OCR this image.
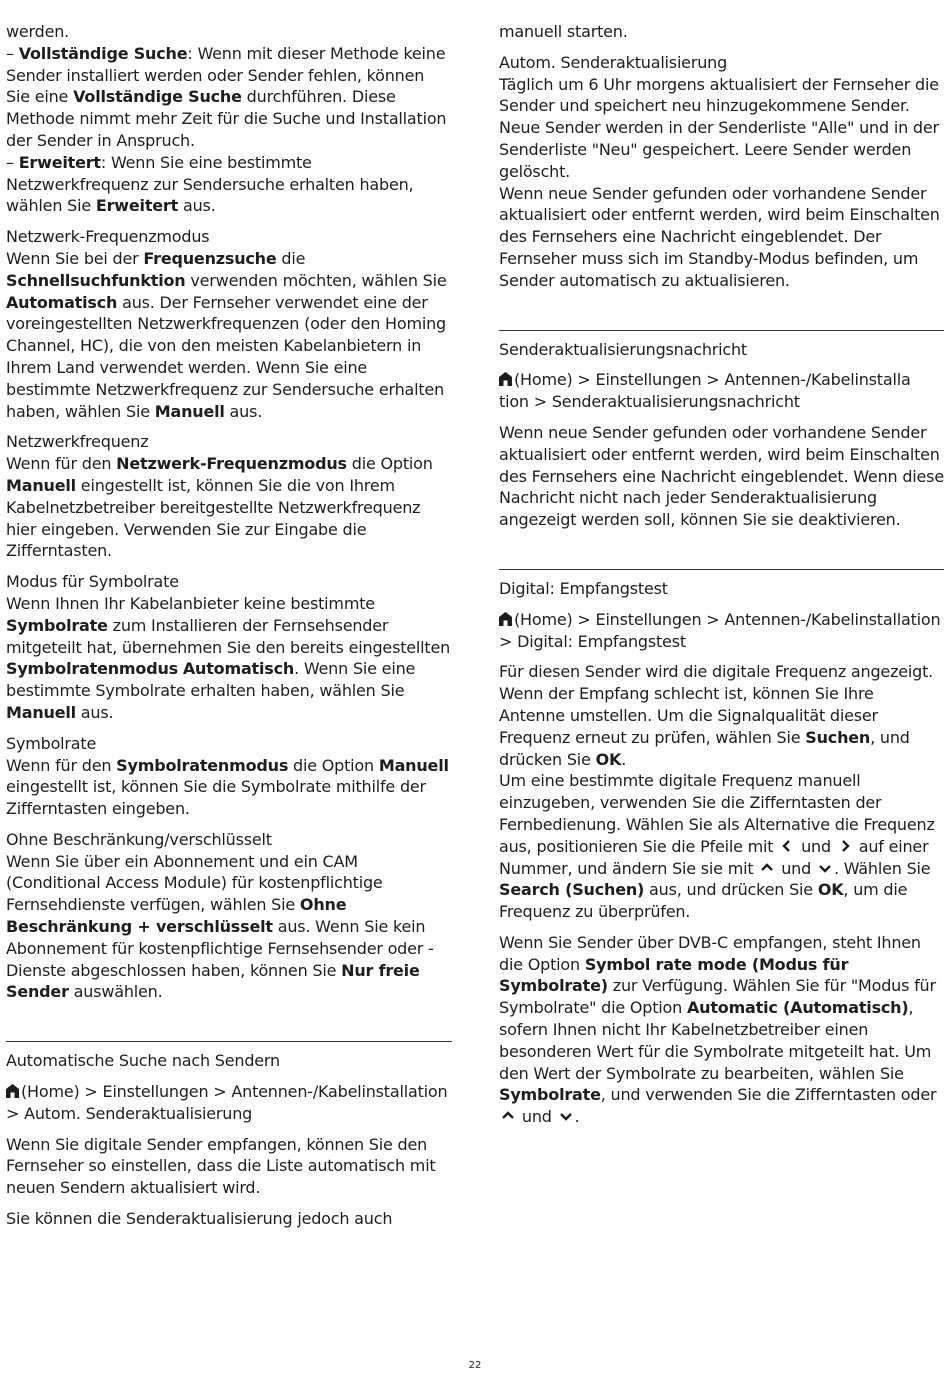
werden.

– Vollständige Suche: Wenn mit dieser Methode keine Sender installiert werden oder Sender fehlen, können Sie eine Vollständige Suche durchführen. Diese Methode nimmt mehr Zeit für die Suche und Installation der Sender in Anspruch.

– Erweitert: Wenn Sie eine bestimmte Netzwerkfrequenz zur Sendersuche erhalten haben, wählen Sie Erweitert aus.

Netzwerk-Frequenzmodus

Wenn Sie bei der Frequenzsuche die Schnellsuchfunktion verwenden möchten, wählen Sie Automatisch aus. Der Fernseher verwendet eine der voreingestellten Netzwerkfrequenzen (oder den Homing Channel, HC), die von den meisten Kabelanbietern in Ihrem Land verwendet werden. Wenn Sie eine bestimmte Netzwerkfrequenz zur Sendersuche erhalten haben, wählen Sie Manuell aus.

Netzwerkfrequenz

Wenn für den Netzwerk-Frequenzmodus die Option Manuell eingestellt ist, können Sie die von Ihrem Kabelnetzbetreiber bereitgestellte Netzwerkfrequenz hier eingeben. Verwenden Sie zur Eingabe die Zifferntasten.

Modus für Symbolrate

Wenn Ihnen Ihr Kabelanbieter keine bestimmte Symbolrate zum Installieren der Fernsehsender mitgeteilt hat, übernehmen Sie den bereits eingestellten Symbolratenmodus Automatisch. Wenn Sie eine bestimmte Symbolrate erhalten haben, wählen Sie Manuell aus.

Symbolrate

Wenn für den Symbolratenmodus die Option Manuell eingestellt ist, können Sie die Symbolrate mithilfe der Zifferntasten eingeben.

Ohne Beschränkung/verschlüsselt

Wenn Sie über ein Abonnement und ein CAM (Conditional Access Module) für kostenpflichtige Fernsehdienste verfügen, wählen Sie Ohne Beschränkung + verschlüsselt aus. Wenn Sie kein Abonnement für kostenpflichtige Fernsehsender oder -Dienste abgeschlossen haben, können Sie Nur freie Sender auswählen.

Automatische Suche nach Sendern

(Home) > Einstellungen > Antennen-/Kabelinstallation > Autom. Senderaktualisierung

Wenn Sie digitale Sender empfangen, können Sie den Fernseher so einstellen, dass die Liste automatisch mit neuen Sendern aktualisiert wird.

Sie können die Senderaktualisierung jedoch auch

manuell starten.

Autom. Senderaktualisierung

Täglich um 6 Uhr morgens aktualisiert der Fernseher die Sender und speichert neu hinzugekommene Sender. Neue Sender werden in der Senderliste "Alle" und in der Senderliste "Neu" gespeichert. Leere Sender werden gelöscht.

Wenn neue Sender gefunden oder vorhandene Sender aktualisiert oder entfernt werden, wird beim Einschalten des Fernsehers eine Nachricht eingeblendet. Der Fernseher muss sich im Standby-Modus befinden, um Sender automatisch zu aktualisieren.

Senderaktualisierungsnachricht

(Home) > Einstellungen > Antennen-/Kabelinstalla tion > Senderaktualisierungsnachricht

Wenn neue Sender gefunden oder vorhandene Sender aktualisiert oder entfernt werden, wird beim Einschalten des Fernsehers eine Nachricht eingeblendet. Wenn diese Nachricht nicht nach jeder Senderaktualisierung angezeigt werden soll, können Sie sie deaktivieren.

Digital: Empfangstest

(Home) > Einstellungen > Antennen-/Kabelinstallation > Digital: Empfangstest

Für diesen Sender wird die digitale Frequenz angezeigt. Wenn der Empfang schlecht ist, können Sie Ihre Antenne umstellen. Um die Signalqualität dieser Frequenz erneut zu prüfen, wählen Sie Suchen, und drücken Sie OK.

Um eine bestimmte digitale Frequenz manuell einzugeben, verwenden Sie die Zifferntasten der Fernbedienung. Wählen Sie als Alternative die Frequenz aus, positionieren Sie die Pfeile mit  und  auf einer Nummer, und ändern Sie sie mit  und . Wählen Sie Search (Suchen) aus, und drücken Sie OK, um die Frequenz zu überprüfen.

Wenn Sie Sender über DVB-C empfangen, steht Ihnen die Option Symbol rate mode (Modus für Symbolrate) zur Verfügung. Wählen Sie für "Modus für Symbolrate" die Option Automatic (Automatisch), sofern Ihnen nicht Ihr Kabelnetzbetreiber einen besonderen Wert für die Symbolrate mitgeteilt hat. Um den Wert der Symbolrate zu bearbeiten, wählen Sie Symbolrate, und verwenden Sie die Zifferntasten oder  und .

22
